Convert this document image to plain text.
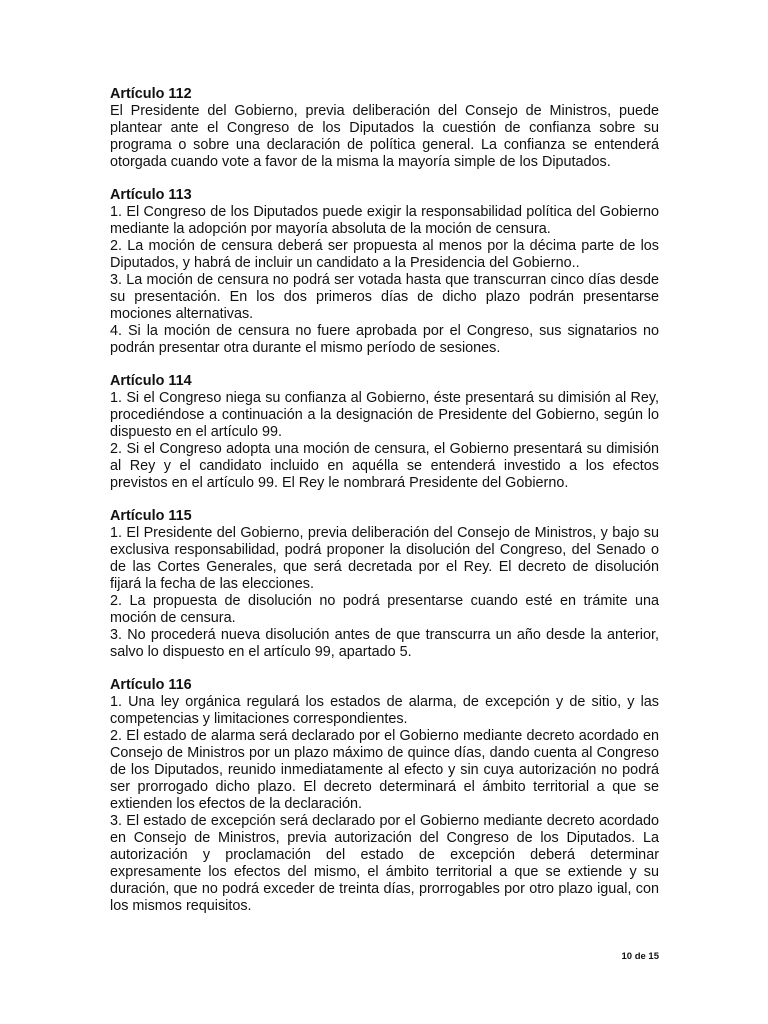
Artículo 112

El Presidente del Gobierno, previa deliberación del Consejo de Ministros, puede plantear ante el Congreso de los Diputados la cuestión de confianza sobre su programa o sobre una declaración de política general. La confianza se entenderá otorgada cuando vote a favor de la misma la mayoría simple de los Diputados.

Artículo 113

1. El Congreso de los Diputados puede exigir la responsabilidad política del Gobierno mediante la adopción por mayoría absoluta de la moción de censura.

2. La moción de censura deberá ser propuesta al menos por la décima parte de los Diputados, y habrá de incluir un candidato a la Presidencia del Gobierno..

3. La moción de censura no podrá ser votada hasta que transcurran cinco días desde su presentación. En los dos primeros días de dicho plazo podrán presentarse mociones alternativas.

4. Si la moción de censura no fuere aprobada por el Congreso, sus signatarios no podrán presentar otra durante el mismo período de sesiones.

Artículo 114

1. Si el Congreso niega su confianza al Gobierno, éste presentará su dimisión al Rey, procediéndose a continuación a la designación de Presidente del Gobierno, según lo dispuesto en el artículo 99.

2. Si el Congreso adopta una moción de censura, el Gobierno presentará su dimisión al Rey y el candidato incluido en aquélla se entenderá investido a los efectos previstos en el artículo 99. El Rey le nombrará Presidente del Gobierno.

Artículo 115

1. El Presidente del Gobierno, previa deliberación del Consejo de Ministros, y bajo su exclusiva responsabilidad, podrá proponer la disolución del Congreso, del Senado o de las Cortes Generales, que será decretada por el Rey. El decreto de disolución fijará la fecha de las elecciones.

2. La propuesta de disolución no podrá presentarse cuando esté en trámite una moción de censura.

3. No procederá nueva disolución antes de que transcurra un año desde la anterior, salvo lo dispuesto en el artículo 99, apartado 5.

Artículo 116

1. Una ley orgánica regulará los estados de alarma, de excepción y de sitio, y las competencias y limitaciones correspondientes.

2. El estado de alarma será declarado por el Gobierno mediante decreto acordado en Consejo de Ministros por un plazo máximo de quince días, dando cuenta al Congreso de los Diputados, reunido inmediatamente al efecto y sin cuya autorización no podrá ser prorrogado dicho plazo. El decreto determinará el ámbito territorial a que se extienden los efectos de la declaración.

3. El estado de excepción será declarado por el Gobierno mediante decreto acordado en Consejo de Ministros, previa autorización del Congreso de los Diputados. La autorización y proclamación del estado de excepción deberá determinar expresamente los efectos del mismo, el ámbito territorial a que se extiende y su duración, que no podrá exceder de treinta días, prorrogables por otro plazo igual, con los mismos requisitos.

10 de 15
